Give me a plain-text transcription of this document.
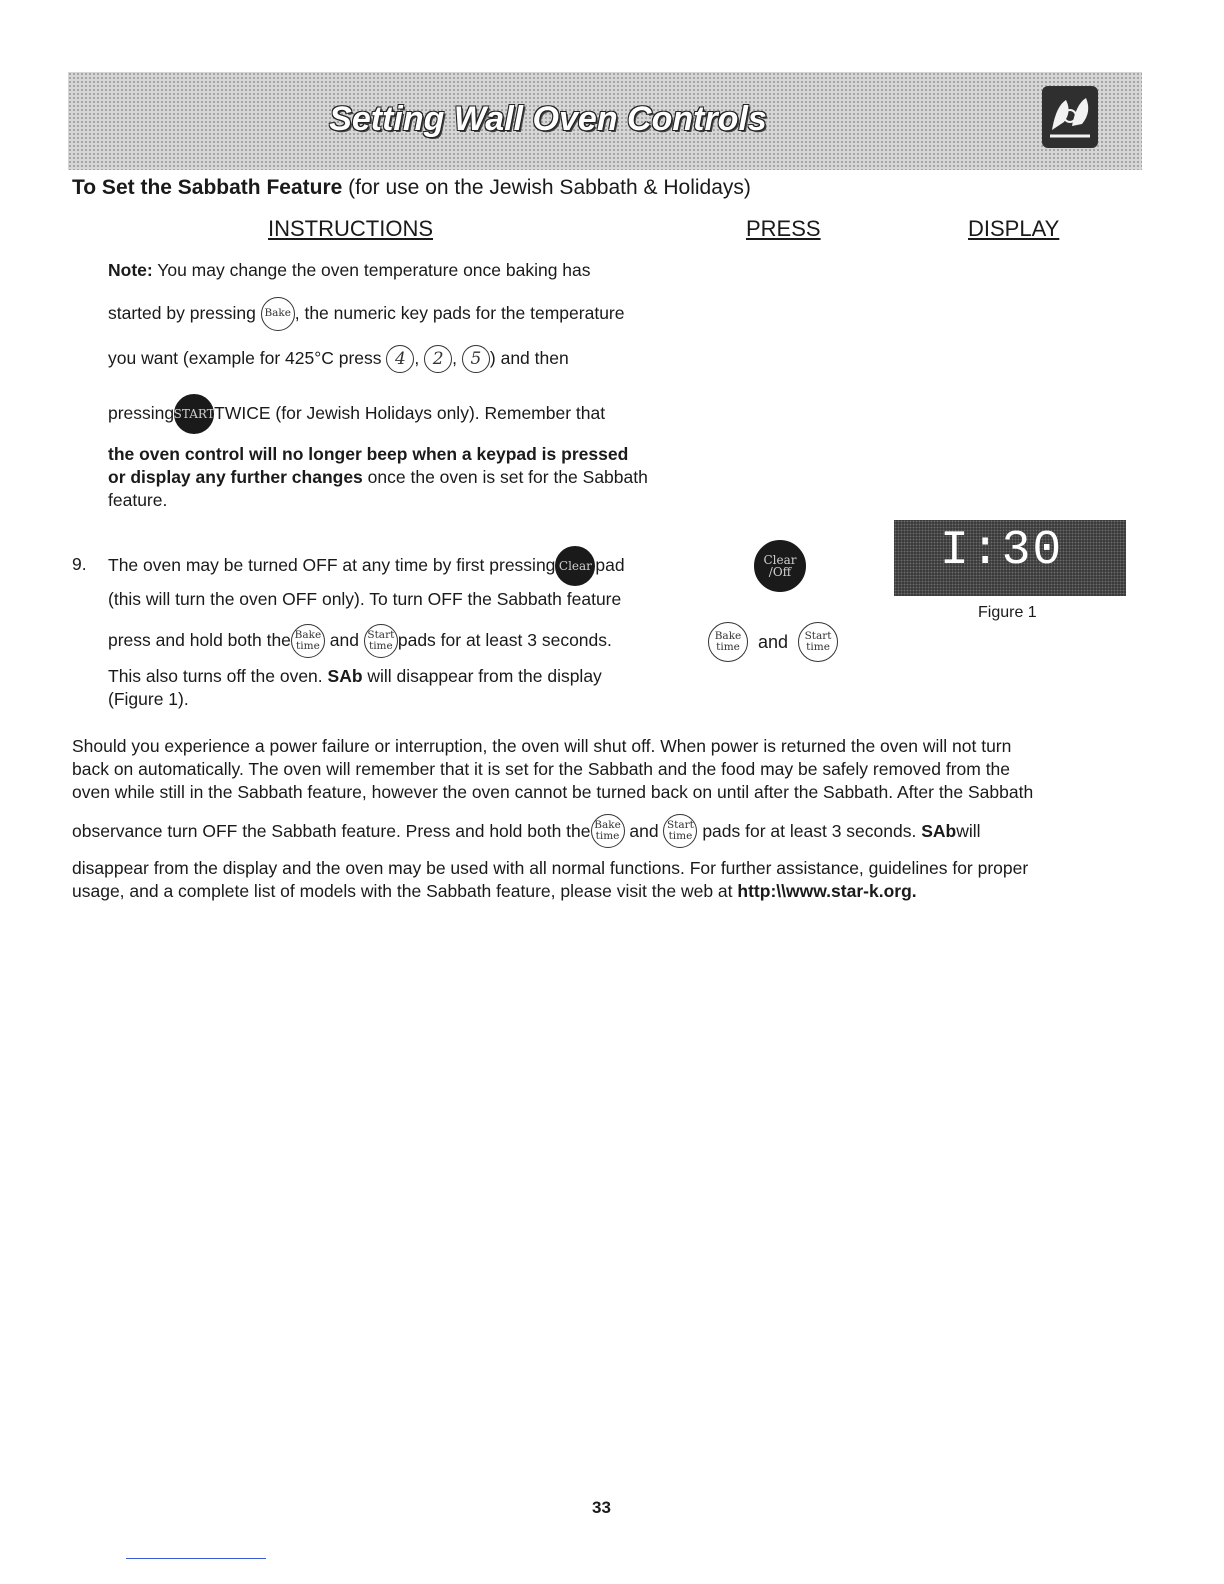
Setting Wall Oven Controls
To Set the Sabbath Feature (for use on the Jewish Sabbath & Holidays)
INSTRUCTIONS	PRESS	DISPLAY
Note: You may change the oven temperature once baking has
started by pressing
Bake , the numeric key pads for the temperature
you want (example for 425°C press
4 ,
2 ,
5 ) and then
pressing START TWICE (for Jewish Holidays only). Remember that
the oven control will no longer beep when a keypad is pressed
or display any further changes once the oven is set for the Sabbath
feature.
9. The oven may be turned OFF at any time by first pressing Clear pad
(this will turn the oven OFF only). To turn OFF the Sabbath feature
press and hold both the Bake
time and Start
time pads for at least 3 seconds.
This also turns off the oven. SAb will disappear from the display
(Figure 1).
Clear
/Off
Bake
time and Start
time
I:30
Figure 1
Should you experience a power failure or interruption, the oven will shut off. When power is returned the oven will not turn
back on automatically. The oven will remember that it is set for the Sabbath and the food may be safely removed from the
oven while still in the Sabbath feature, however the oven cannot be turned back on until after the Sabbath. After the Sabbath
observance turn OFF the Sabbath feature. Press and hold both the Bake
time and Start
time pads for at least 3 seconds. SAb will
disappear from the display and the oven may be used with all normal functions. For further assistance, guidelines for proper
usage, and a complete list of models with the Sabbath feature, please visit the web at http:\\www.star-k.org.
33
